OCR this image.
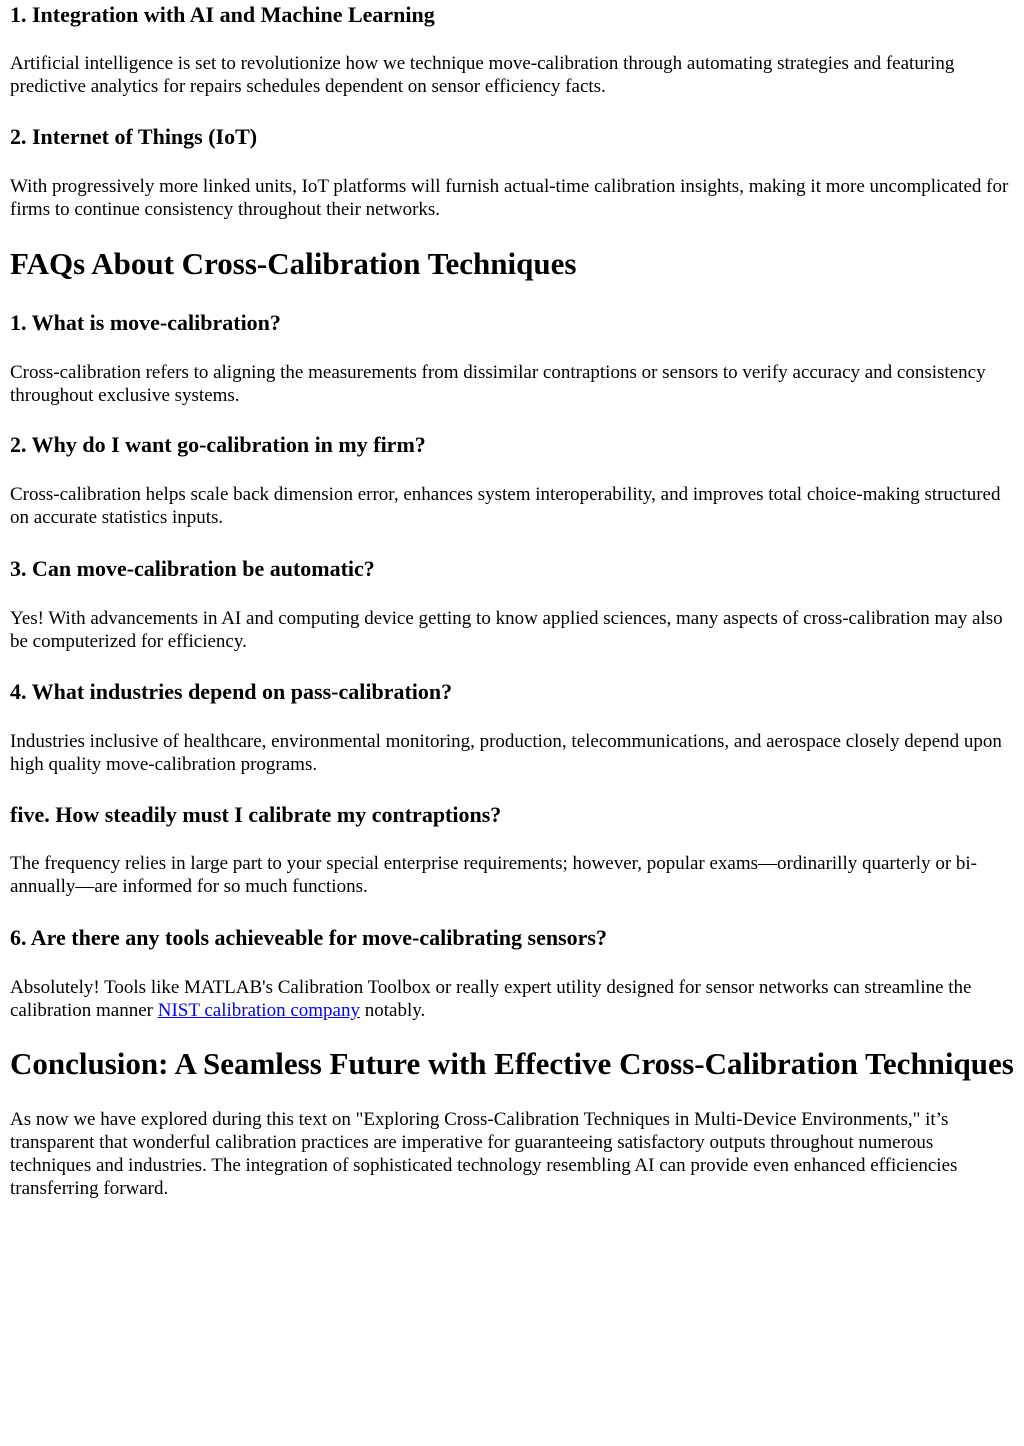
1. Integration with AI and Machine Learning

Artificial intelligence is set to revolutionize how we technique move-calibration through automating strategies and featuring predictive analytics for repairs schedules dependent on sensor efficiency facts.

2. Internet of Things (IoT)

With progressively more linked units, IoT platforms will furnish actual-time calibration insights, making it more uncomplicated for firms to continue consistency throughout their networks.

FAQs About Cross-Calibration Techniques
1. What is move-calibration?

Cross-calibration refers to aligning the measurements from dissimilar contraptions or sensors to verify accuracy and consistency throughout exclusive systems.

2. Why do I want go-calibration in my firm?

Cross-calibration helps scale back dimension error, enhances system interoperability, and improves total choice-making structured on accurate statistics inputs.

3. Can move-calibration be automatic?

Yes! With advancements in AI and computing device getting to know applied sciences, many aspects of cross-calibration may also be computerized for efficiency.

4. What industries depend on pass-calibration?

Industries inclusive of healthcare, environmental monitoring, production, telecommunications, and aerospace closely depend upon high quality move-calibration programs.

five. How steadily must I calibrate my contraptions?

The frequency relies in large part to your special enterprise requirements; however, popular exams—ordinarilly quarterly or bi-annually—are informed for so much functions.

6. Are there any tools achieveable for move-calibrating sensors?

Absolutely! Tools like MATLAB's Calibration Toolbox or really expert utility designed for sensor networks can streamline the calibration manner NIST calibration company notably.

Conclusion: A Seamless Future with Effective Cross-Calibration Techniques

As now we have explored during this text on "Exploring Cross-Calibration Techniques in Multi-Device Environments," it’s transparent that wonderful calibration practices are imperative for guaranteeing satisfactory outputs throughout numerous techniques and industries. The integration of sophisticated technology resembling AI can provide even enhanced efficiencies transferring forward.
